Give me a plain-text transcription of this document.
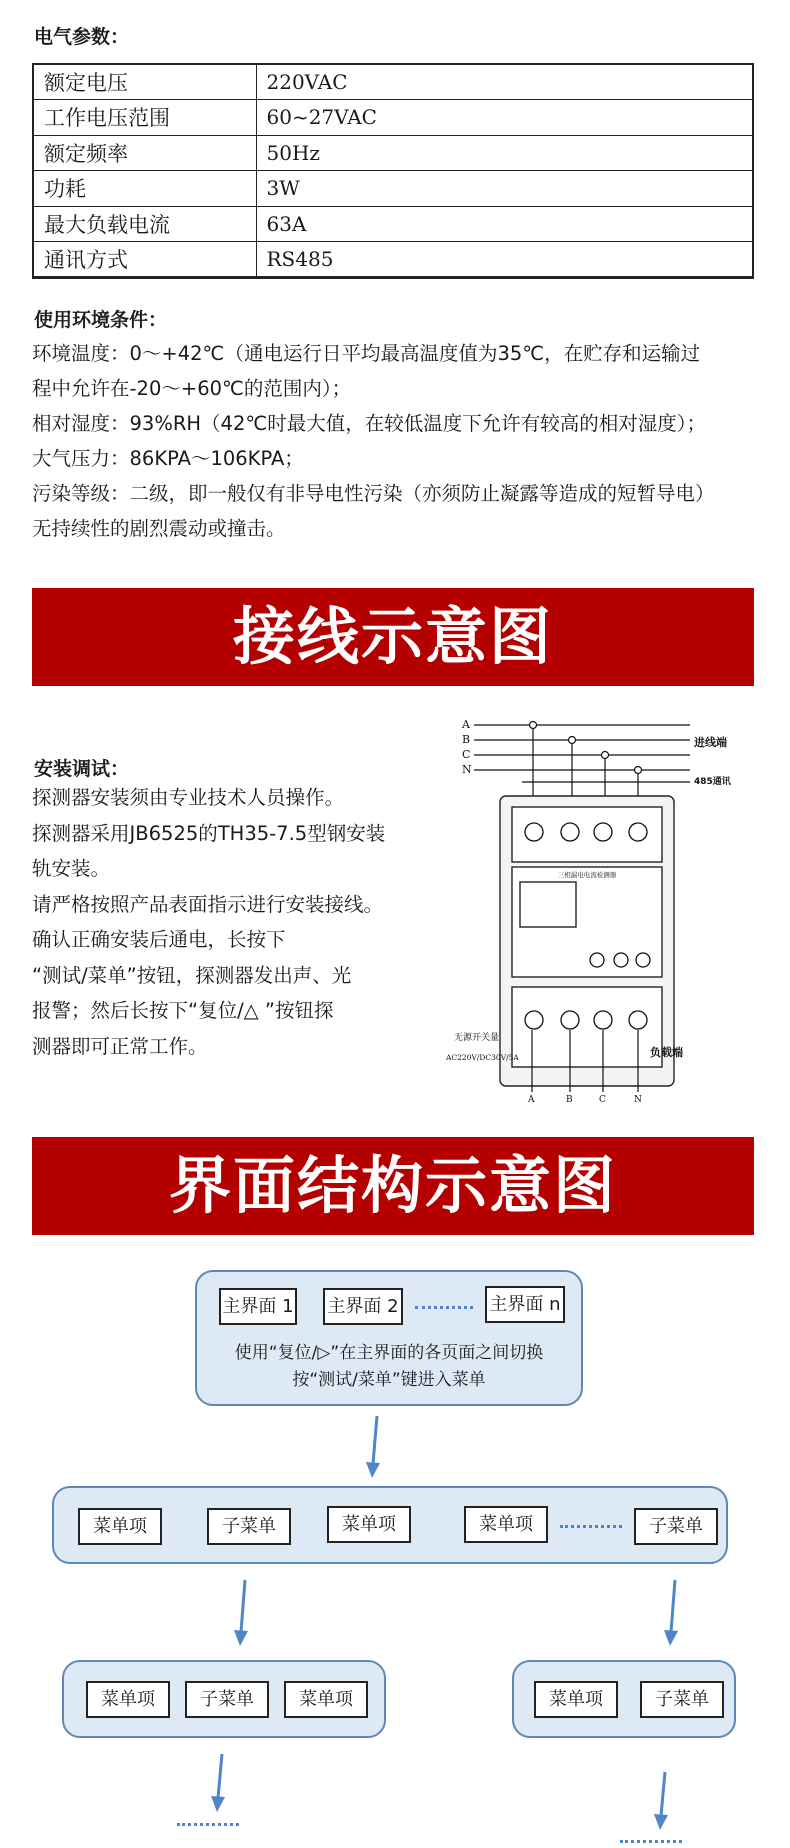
电气参数：
额定电压	220VAC
工作电压范围	60~27VAC
额定频率	50Hz
功耗	3W
最大负载电流	63A
通讯方式	RS485
使用环境条件：
环境温度：0～+42℃（通电运行日平均最高温度值为35℃，在贮存和运输过
程中允许在-20～+60℃的范围内）；
相对湿度：93%RH（42℃时最大值，在较低温度下允许有较高的相对湿度）；
大气压力：86KPA～106KPA；
污染等级：二级，即一般仅有非导电性污染（亦须防止凝露等造成的短暂导电）
无持续性的剧烈震动或撞击。
接线示意图
安装调试：
探测器安装须由专业技术人员操作。
探测器采用JB6525的TH35-7.5型钢安装
轨安装。
请严格按照产品表面指示进行安装接线。
确认正确安装后通电，长按下
“测试/菜单”按钮，探测器发出声、光
报警；然后长按下“复位/△ ”按钮探
测器即可正常工作。
A
B
C
N
进线端
485通讯
三相漏电电流检测器
无源开关量
AC220V/DC30V/5A	负载端
A	B	C	N
界面结构示意图
主界面 1 主界面 2	主界面 n
使用“复位/▷”在主界面的各页面之间切换
按“测试/菜单”键进入菜单
菜单项	子菜单	菜单项	菜单项	子菜单
菜单项	子菜单	菜单项	菜单项	子菜单
